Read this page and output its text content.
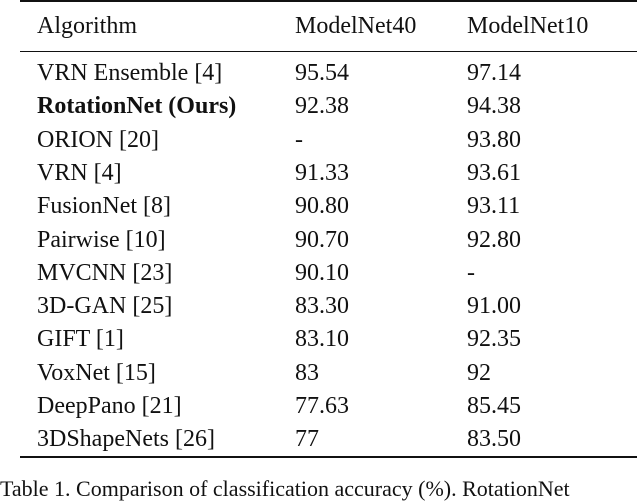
Algorithm	ModelNet40 ModelNet10
VRN Ensemble [4]	95.54	97.14
RotationNet (Ours) 92.38	94.38
ORION [20]	-	93.80
VRN [4]	91.33	93.61
FusionNet [8]	90.80	93.11
Pairwise [10]	90.70	92.80
MVCNN [23]	90.10	-
3D-GAN [25]	83.30	91.00
GIFT [1]	83.10	92.35
VoxNet [15]	83	92
DeepPano [21]	77.63	85.45
3DShapeNets [26]	77	83.50
Table 1. Comparison of classification accuracy (%). RotationNet
